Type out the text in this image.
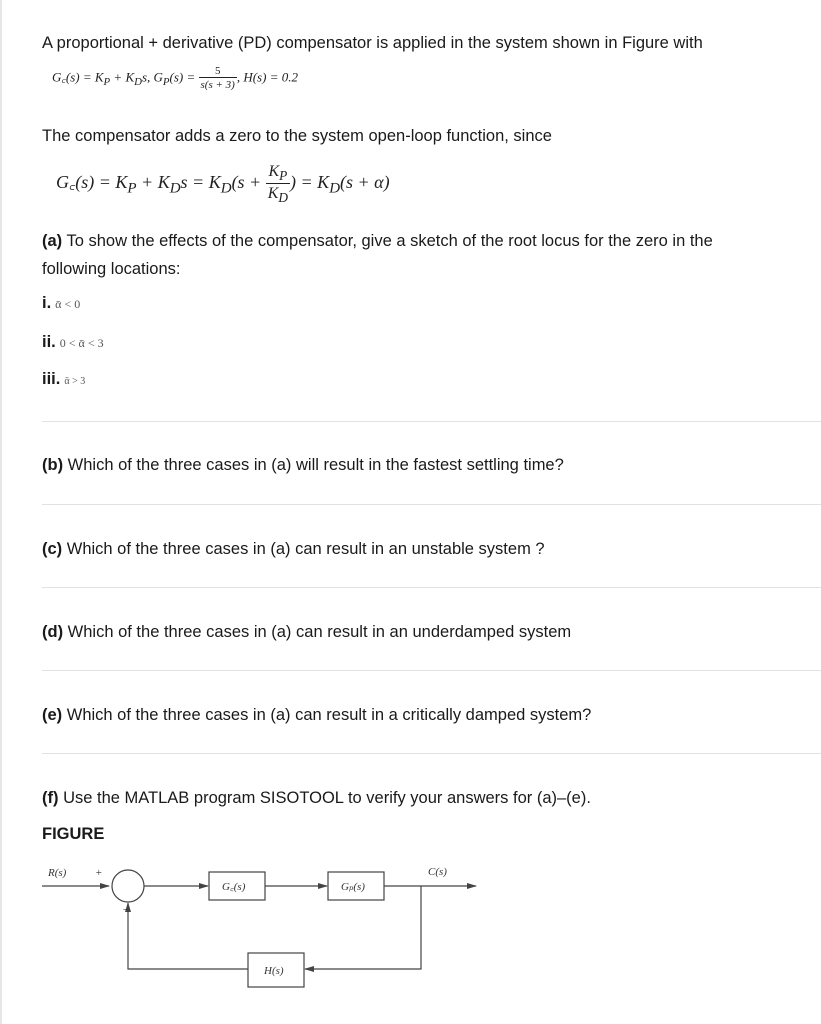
A proportional + derivative (PD) compensator is applied in the system shown in Figure with
G꜀(s) = $K_P + K_Ds$, $G_P(s) = \frac{5}{s(s + 3)}$ , H(s) = 0.2
The compensator adds a zero to the system open-loop function, since
G꜀(s) = $K_P + K_Ds = K_D(s + \frac{K_P}{K_D}$ ) = $K_D(s + \alpha)$
(a) To show the effects of the compensator, give a sketch of the root locus for the zero in the
following locations:
i. ᾱ < 0
ii. 0 < ᾱ < 3
iii. ᾱ > 3
(b) Which of the three cases in (a) will result in the fastest settling time?
(c) Which of the three cases in (a) can result in an unstable system ?
(d) Which of the three cases in (a) can result in an underdamped system
(e) Which of the three cases in (a) can result in a critically damped system?
(f) Use the MATLAB program SISOTOOL to verify your answers for (a)–(e).
FIGURE
R(s)	+
−
G꜀(s)	Gₚ(s)
C(s)
H(s)
